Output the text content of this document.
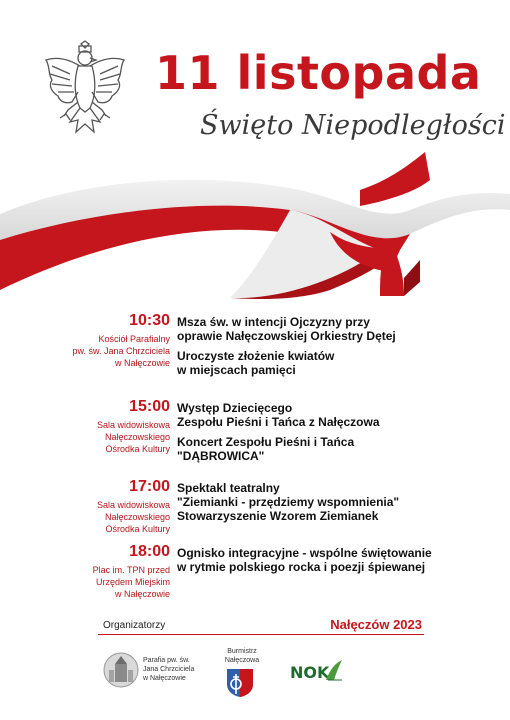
11 listopada
Święto Niepodległości
10:30
Kościół Parafialny
pw. św. Jana Chrzciciela
w Nałęczowie
Msza św. w intencji Ojczyzny przy
oprawie Nałęczowskiej Orkiestry Dętej
Uroczyste złożenie kwiatów
w miejscach pamięci
15:00
Sala widowiskowa
Nałęczowskiego
Ośrodka Kultury
Występ Dziecięcego
Zespołu Pieśni i Tańca z Nałęczowa
Koncert Zespołu Pieśni i Tańca
"DĄBROWICA"
17:00
Sala widowiskowa
Nałęczowskiego
Ośrodka Kultury
Spektakl teatralny
"Ziemianki - przędziemy wspomnienia"
Stowarzyszenie Wzorem Ziemianek
18:00
Plac im. TPN przed
Urzędem Miejskim
w Nałęczowie
Ognisko integracyjne - wspólne świętowanie
w rytmie polskiego rocka i poezji śpiewanej
Organizatorzy	Nałęczów 2023
Parafia pw. św.
Jana Chrzciciela
w Nałęczowie
Burmistrz
Nałęczowa
NOK
